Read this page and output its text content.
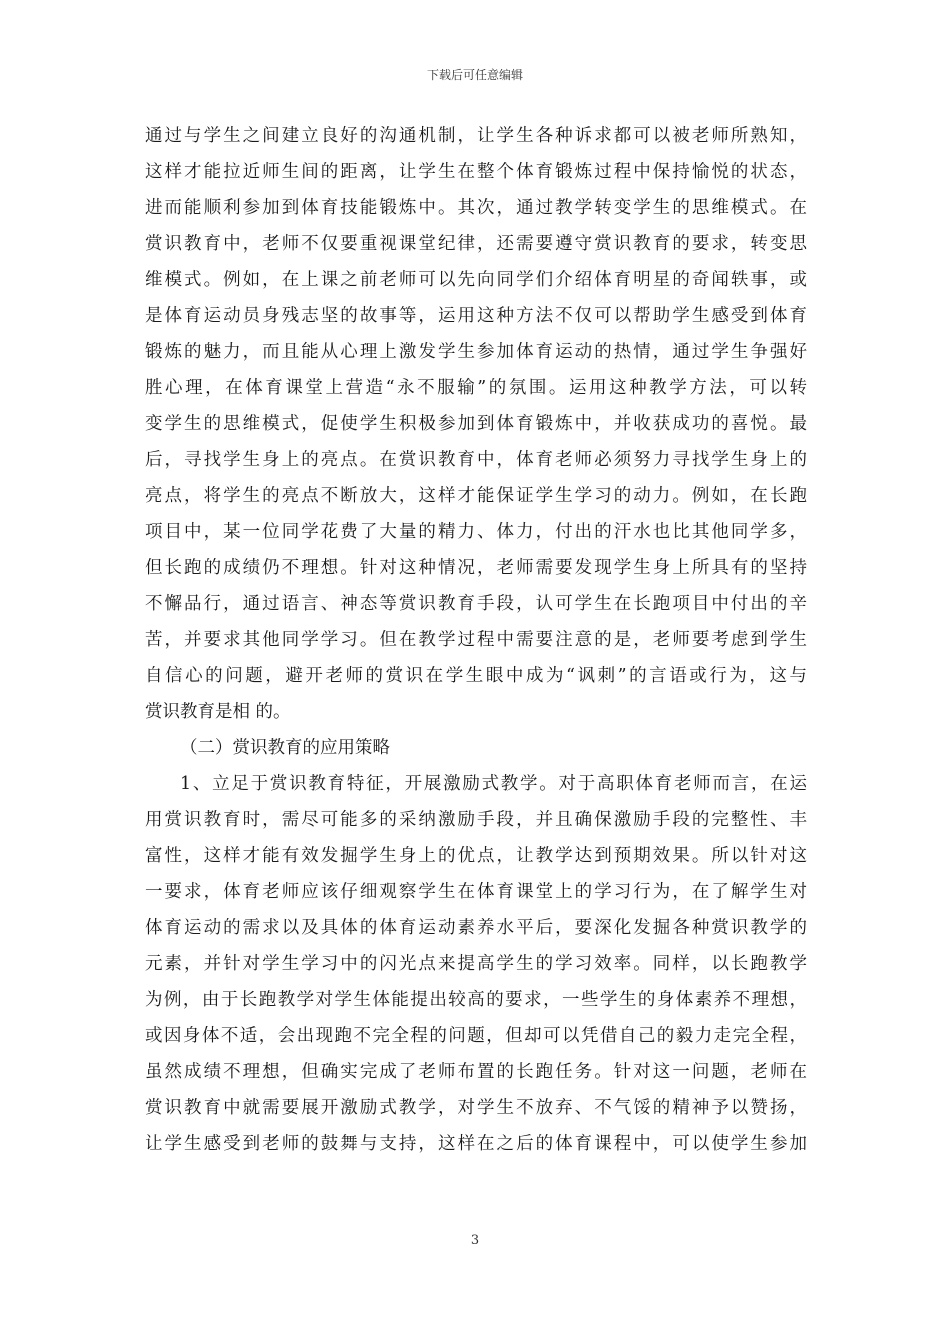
下载后可任意编辑
通过与学生之间建立良好的沟通机制，让学生各种诉求都可以被老师所熟知，
这样才能拉近师生间的距离，让学生在整个体育锻炼过程中保持愉悦的状态，
进而能顺利参加到体育技能锻炼中。其次，通过教学转变学生的思维模式。在
赏识教育中，老师不仅要重视课堂纪律，还需要遵守赏识教育的要求，转变思
维模式。例如，在上课之前老师可以先向同学们介绍体育明星的奇闻轶事，或
是体育运动员身残志坚的故事等，运用这种方法不仅可以帮助学生感受到体育
锻炼的魅力，而且能从心理上激发学生参加体育运动的热情，通过学生争强好
胜心理，在体育课堂上营造“永不服输”的氛围。运用这种教学方法，可以转
变学生的思维模式，促使学生积极参加到体育锻炼中，并收获成功的喜悦。最
后，寻找学生身上的亮点。在赏识教育中，体育老师必须努力寻找学生身上的
亮点，将学生的亮点不断放大，这样才能保证学生学习的动力。例如，在长跑
项目中，某一位同学花费了大量的精力、体力，付出的汗水也比其他同学多，
但长跑的成绩仍不理想。针对这种情况，老师需要发现学生身上所具有的坚持
不懈品行，通过语言、神态等赏识教育手段，认可学生在长跑项目中付出的辛
苦，并要求其他同学学习。但在教学过程中需要注意的是，老师要考虑到学生
自信心的问题，避开老师的赏识在学生眼中成为“讽刺”的言语或行为，这与
赏识教育是相 的。
（二）赏识教育的应用策略
1、立足于赏识教育特征，开展激励式教学。对于高职体育老师而言，在运
用赏识教育时，需尽可能多的采纳激励手段，并且确保激励手段的完整性、丰
富性，这样才能有效发掘学生身上的优点，让教学达到预期效果。所以针对这
一要求，体育老师应该仔细观察学生在体育课堂上的学习行为，在了解学生对
体育运动的需求以及具体的体育运动素养水平后，要深化发掘各种赏识教学的
元素，并针对学生学习中的闪光点来提高学生的学习效率。同样，以长跑教学
为例，由于长跑教学对学生体能提出较高的要求，一些学生的身体素养不理想，
或因身体不适，会出现跑不完全程的问题，但却可以凭借自己的毅力走完全程，
虽然成绩不理想，但确实完成了老师布置的长跑任务。针对这一问题，老师在
赏识教育中就需要展开激励式教学，对学生不放弃、不气馁的精神予以赞扬，
让学生感受到老师的鼓舞与支持，这样在之后的体育课程中，可以使学生参加
3
